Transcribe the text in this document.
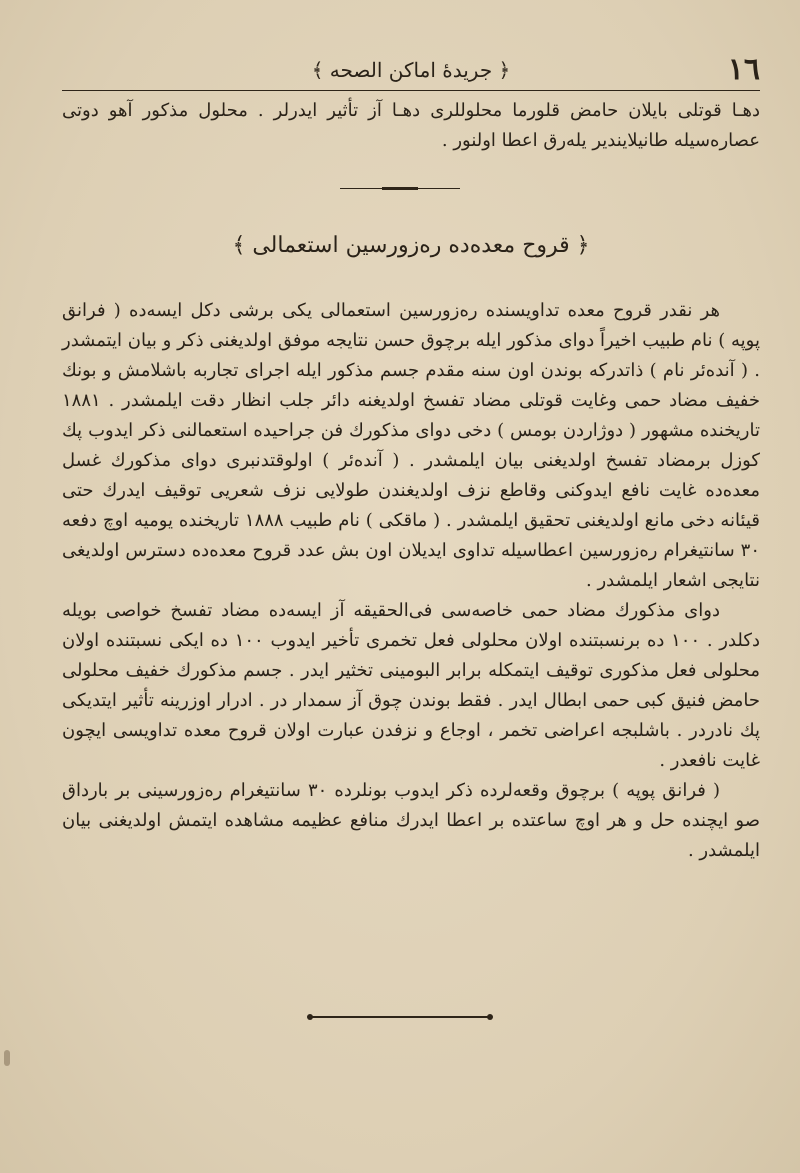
١٦
﴿ جريدهٔ اماكن الصحه ﴾

دهـا قوتلى بايلان حامض قلورما محلوللرى دهـا آز تأثير ايدرلر . محلول مذكور آهو دوتى عصاره‌سيله طانيلايندير يله‌رق اعطا اولنور .

﴿ قروح معده‌ده رەزورسين استعمالى ﴾

هر نقدر قروح معده تداويسنده رەزورسين استعمالى يكى برشى دكل ايسه‌ده ( فرانق پوپه ) نام طبيب اخيراً دواى مذكور ايله برچوق حسن نتايجه موفق اولديغنى ذكر و بيان ايتمشدر . ( آندەئر نام ) ذاتدركه بوندن اون سنه مقدم جسم مذكور ايله اجراى تجاربه باشلامش و بونك خفيف مضاد حمى وغايت قوتلى مضاد تفسخ اولديغنه دائر جلب انظار دقت ايلمشدر . ١٨٨١ تاريخنده مشهور ( دوژاردن بومس ) دخى دواى مذكورك فن جراحيده استعمالنى ذكر ايدوب پك كوزل برمضاد تفسخ اولديغنى بيان ايلمشدر . ( آندەئر ) اولوقتدنبرى دواى مذكورك غسل معده‌ده غايت نافع ايدوكنى وقاطع نزف اولديغندن طولايى نزف شعريى توقيف ايدرك حتى قيئانه دخى مانع اولديغنى تحقيق ايلمشدر . ( ماقكى ) نام طبيب ١٨٨٨ تاريخنده يوميه اوچ دفعه ٣٠ سانتيغرام رەزورسين اعطاسيله تداوى ايديلان اون بش عدد قروح معده‌ده دسترس اولديغى نتايجى اشعار ايلمشدر .

دواى مذكورك مضاد حمى خاصه‌سى فى‌الحقيقه آز ايسه‌ده مضاد تفسخ خواصى بويله دكلدر . ١٠٠ ده برنسبتنده اولان محلولى فعل تخمرى تأخير ايدوب ١٠٠ ده ايكى نسبتنده اولان محلولى فعل مذكورى توقيف ايتمكله برابر البومينى تخثير ايدر . جسم مذكورك خفيف محلولى حامض فنيق كبى حمى ابطال ايدر . فقط بوندن چوق آز سمدار در . ادرار اوزرينه تأثير ايتديكى پك نادردر . باشلبجه اعراضى تخمر ، اوجاع و نزفدن عبارت اولان قروح معده تداويسى ايچون غايت نافعدر .

( فرانق پوپه ) برچوق وقعه‌لرده ذكر ايدوب بونلرده ٣٠ سانتيغرام رەزورسينى بر بارداق صو ايچنده حل و هر اوچ ساعتده بر اعطا ايدرك منافع عظيمه مشاهده ايتمش اولديغنى بيان ايلمشدر .
